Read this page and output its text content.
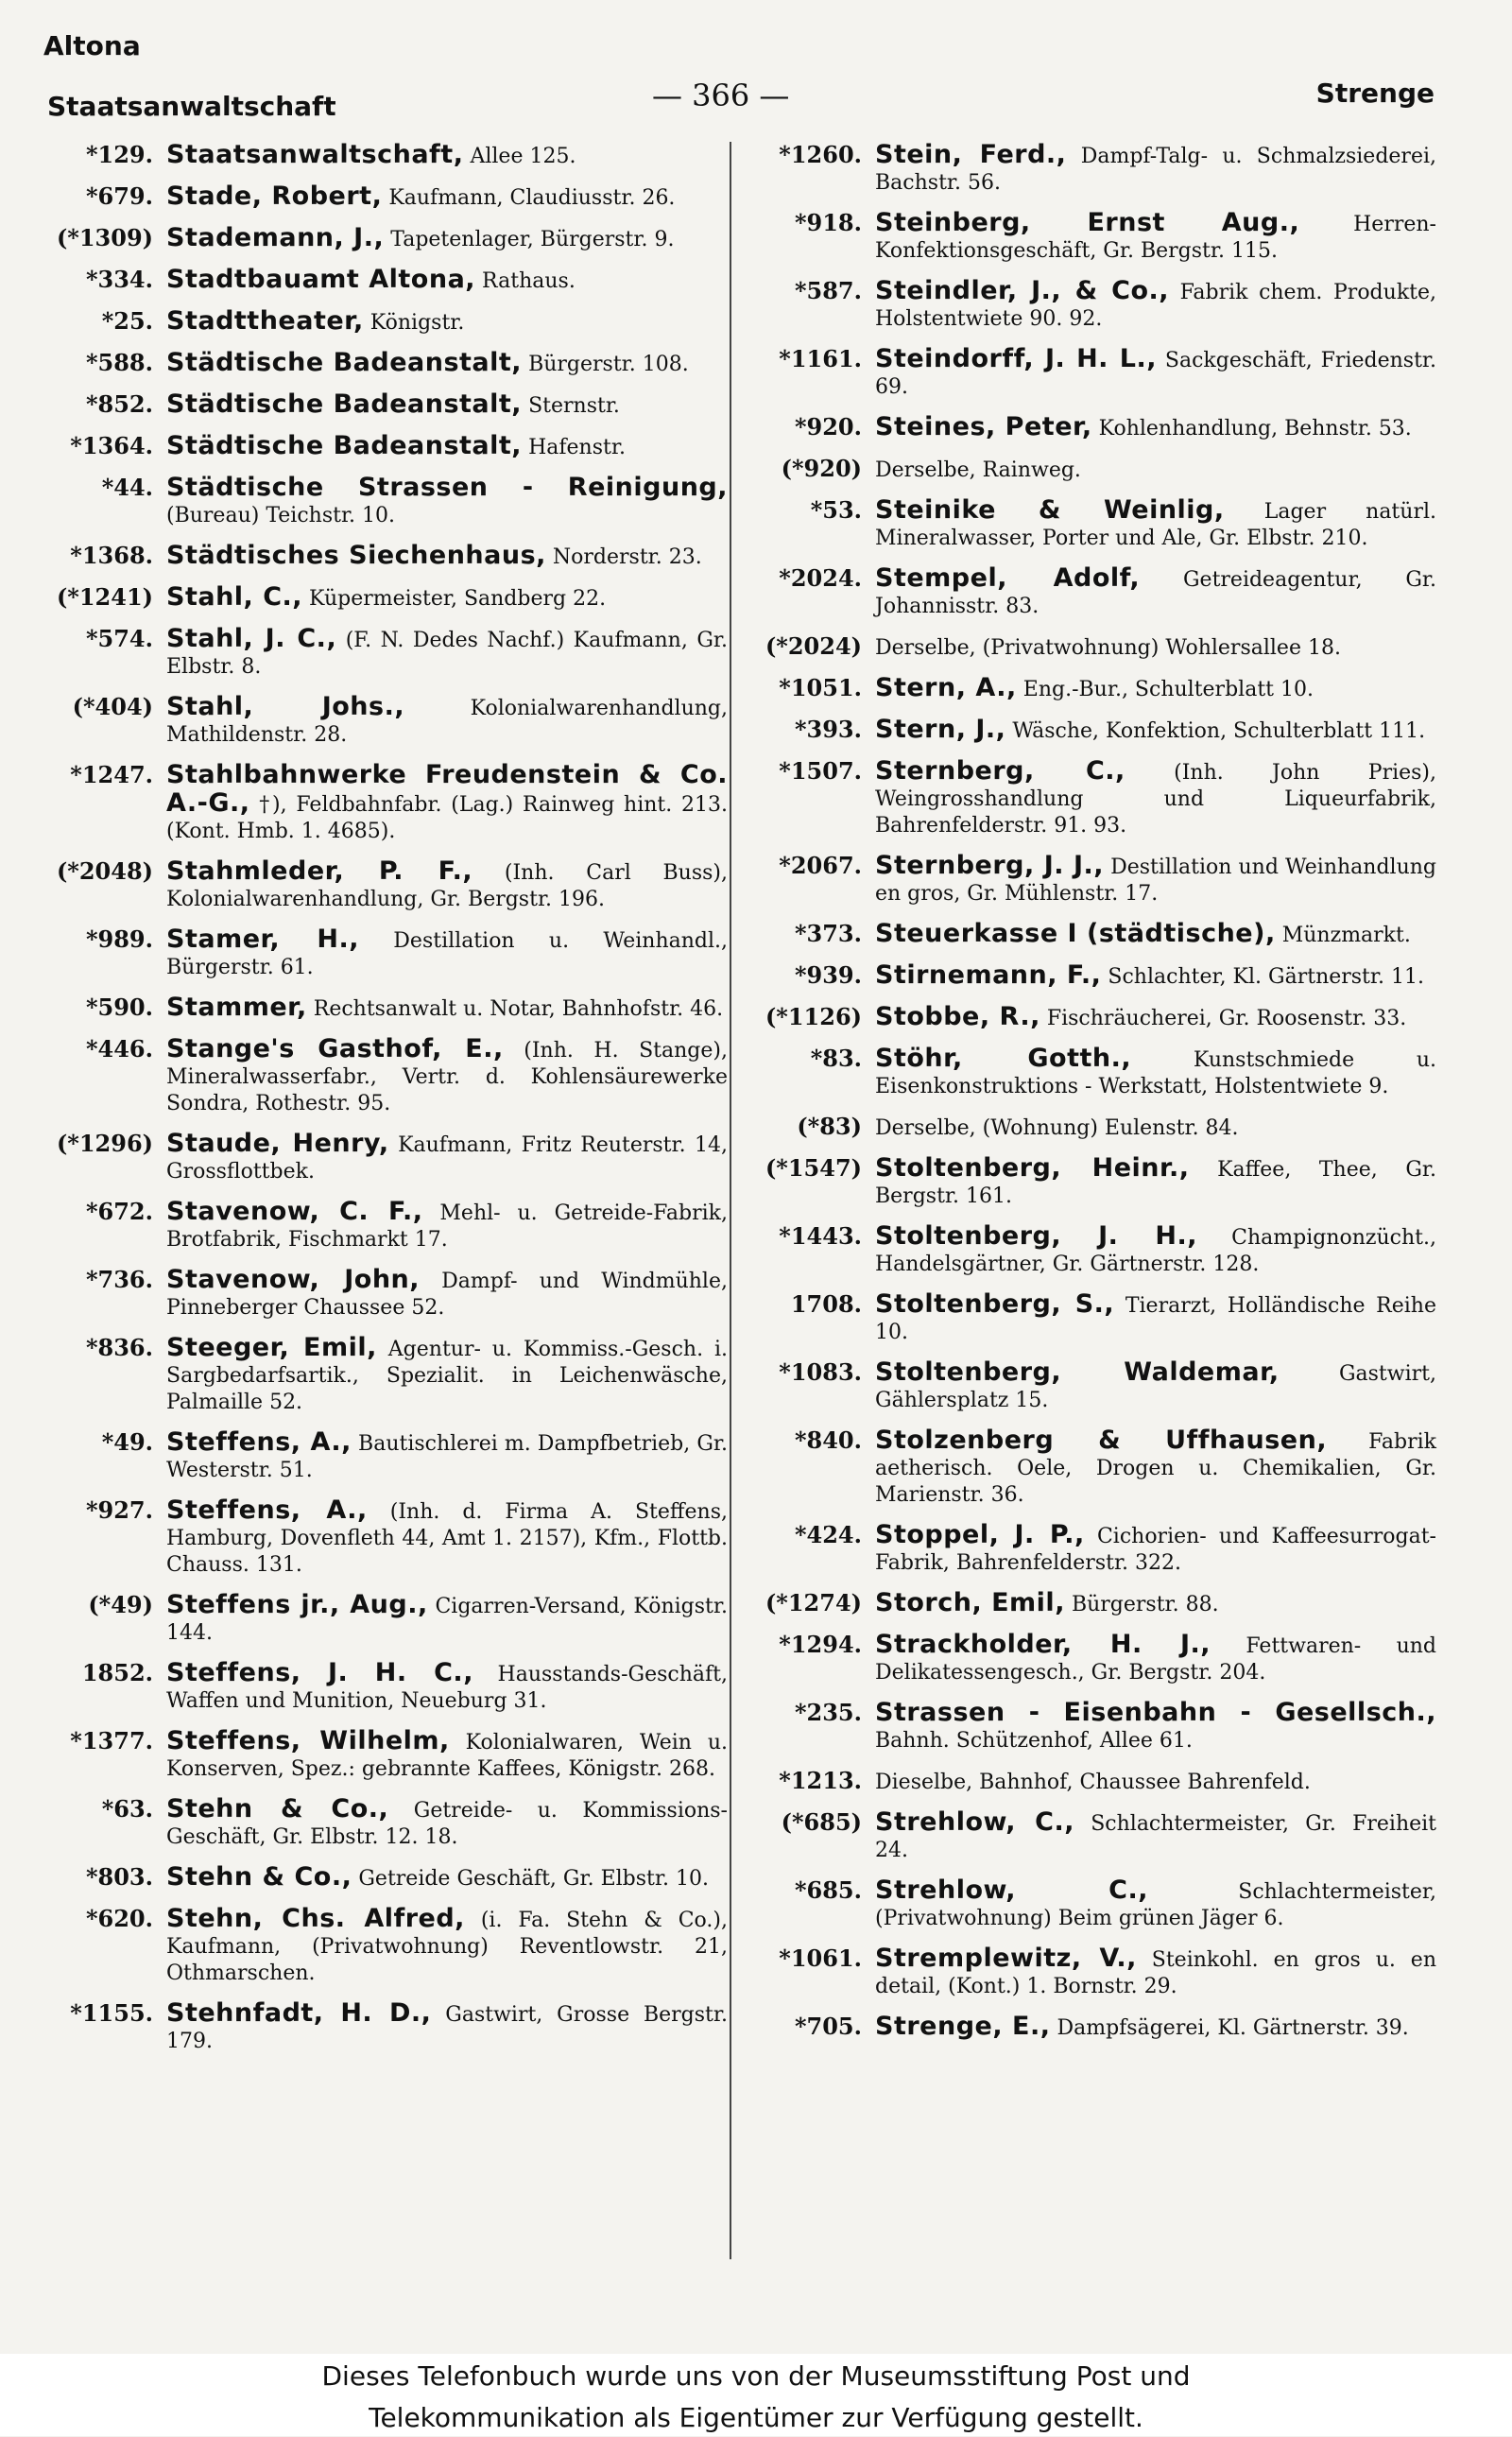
Altona
Staatsanwaltschaft	— 366 —	Strenge
*129. Staatsanwaltschaft, Allee 125.
*679. Stade, Robert, Kaufmann, Claudiusstr. 26.
(*1309) Stademann, J., Tapetenlager, Bürgerstr. 9.
*334. Stadtbauamt Altona, Rathaus.
*25. Stadttheater, Königstr.
*588. Städtische Badeanstalt, Bürgerstr. 108.
*852. Städtische Badeanstalt, Sternstr.
*1364. Städtische Badeanstalt, Hafenstr.
*44. Städtische Strassen - Reinigung, (Bureau) Teichstr. 10.
*1368. Städtisches Siechenhaus, Norderstr. 23.
(*1241) Stahl, C., Küpermeister, Sandberg 22.
*574. Stahl, J. C., (F. N. Dedes Nachf.) Kaufmann, Gr. Elbstr. 8.
(*404) Stahl, Johs.,	Kolonialwarenhandlung, Mathildenstr. 28.
*1247. Stahlbahnwerke Freudenstein & Co. A.-G., †), Feldbahnfabr. (Lag.) Rainweg hint. 213. (Kont. Hmb. 1. 4685).
(*2048) Stahmleder, P. F., (Inh. Carl Buss), Kolonialwarenhandlung, Gr. Bergstr. 196.
*989. Stamer, H., Destillation u. Weinhandl., Bürgerstr. 61.
*590. Stammer, Rechtsanwalt u. Notar, Bahnhofstr. 46.
*446. Stange's Gasthof, E., (Inh. H. Stange), Mineralwasserfabr., Vertr. d. Kohlensäurewerke Sondra, Rothestr. 95.
(*1296) Staude, Henry, Kaufmann, Fritz Reuterstr. 14, Grossflottbek.
*672. Stavenow, C. F., Mehl- u. Getreide-Fabrik, Brotfabrik, Fischmarkt 17.
*736. Stavenow, John, Dampf- und Windmühle, Pinneberger Chaussee 52.
*836. Steeger, Emil, Agentur- u. Kommiss.-Gesch. i. Sargbedarfsartik., Spezialit. in Leichenwäsche, Palmaille 52.
*49. Steffens, A., Bautischlerei m. Dampfbetrieb, Gr. Westerstr. 51.
*927. Steffens, A., (Inh. d. Firma A. Steffens, Hamburg, Dovenfleth 44, Amt 1. 2157), Kfm., Flottb. Chauss. 131.
(*49) Steffens jr., Aug., Cigarren-Versand, Königstr. 144.
1852. Steffens, J. H. C., Hausstands-Geschäft, Waffen und Munition, Neueburg 31.
*1377. Steffens, Wilhelm, Kolonialwaren, Wein u. Konserven, Spez.: gebrannte Kaffees, Königstr. 268.
*63. Stehn & Co., Getreide- u. Kommissions-Geschäft, Gr. Elbstr. 12. 18.
*803. Stehn & Co., Getreide Geschäft, Gr. Elbstr. 10.
*620. Stehn, Chs. Alfred, (i. Fa. Stehn & Co.), Kaufmann, (Privatwohnung) Reventlowstr. 21, Othmarschen.
*1155. Stehnfadt, H. D., Gastwirt, Grosse Bergstr. 179.
*1260. Stein, Ferd., Dampf-Talg- u. Schmalzsiederei, Bachstr. 56.
*918. Steinberg, Ernst Aug.,	Herren-Konfektionsgeschäft, Gr. Bergstr. 115.
*587. Steindler, J., & Co., Fabrik chem. Produkte, Holstentwiete 90. 92.
*1161. Steindorff, J. H. L., Sackgeschäft, Friedenstr. 69.
*920. Steines, Peter, Kohlenhandlung, Behnstr. 53.
(*920) Derselbe, Rainweg.
*53. Steinike & Weinlig, Lager natürl. Mineralwasser, Porter und Ale, Gr. Elbstr. 210.
*2024. Stempel, Adolf, Getreideagentur, Gr. Johannisstr. 83.
(*2024) Derselbe, (Privatwohnung) Wohlersallee 18.
*1051. Stern, A., Eng.-Bur., Schulterblatt 10.
*393. Stern, J., Wäsche, Konfektion, Schulterblatt 111.
*1507. Sternberg, C., (Inh. John Pries), Weingrosshandlung und Liqueurfabrik, Bahrenfelderstr. 91. 93.
*2067. Sternberg, J. J., Destillation und Weinhandlung en gros, Gr. Mühlenstr. 17.
*373. Steuerkasse I (städtische), Münzmarkt.
*939. Stirnemann, F., Schlachter, Kl. Gärtnerstr. 11.
(*1126) Stobbe, R., Fischräucherei, Gr. Roosenstr. 33.
*83. Stöhr, Gotth.,	Kunstschmiede u. Eisenkonstruktions - Werkstatt, Holstentwiete 9.
(*83) Derselbe, (Wohnung) Eulenstr. 84.
(*1547) Stoltenberg, Heinr., Kaffee, Thee, Gr. Bergstr. 161.
*1443. Stoltenberg, J. H., Champignonzücht., Handelsgärtner, Gr. Gärtnerstr. 128.
1708. Stoltenberg, S., Tierarzt, Holländische Reihe 10.
*1083. Stoltenberg, Waldemar,	Gastwirt, Gählersplatz 15.
*840. Stolzenberg & Uffhausen, Fabrik aetherisch. Oele, Drogen u. Chemikalien, Gr. Marienstr. 36.
*424. Stoppel, J. P., Cichorien- und Kaffeesurrogat-Fabrik, Bahrenfelderstr. 322.
(*1274) Storch, Emil, Bürgerstr. 88.
*1294. Strackholder, H. J., Fettwaren- und Delikatessengesch., Gr. Bergstr. 204.
*235. Strassen - Eisenbahn - Gesellsch., Bahnh. Schützenhof, Allee 61.
*1213. Dieselbe, Bahnhof, Chaussee Bahrenfeld.
(*685) Strehlow, C., Schlachtermeister, Gr. Freiheit 24.
*685. Strehlow, C.,	Schlachtermeister, (Privatwohnung) Beim grünen Jäger 6.
*1061. Stremplewitz, V., Steinkohl. en gros u. en detail, (Kont.) 1. Bornstr. 29.
*705. Strenge, E., Dampfsägerei, Kl. Gärtnerstr. 39.
Dieses Telefonbuch wurde uns von der Museumsstiftung Post und
Telekommunikation als Eigentümer zur Verfügung gestellt.
